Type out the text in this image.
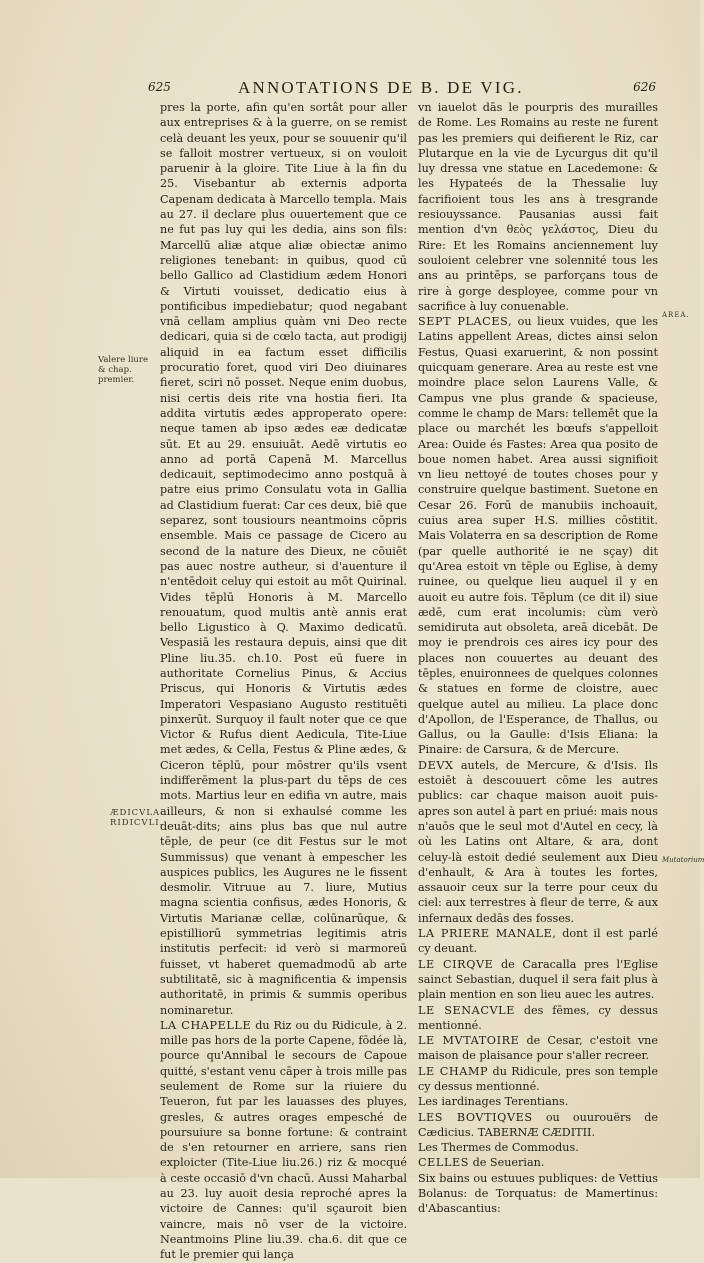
625	ANNOTATIONS DE B. DE VIG.	626
Valere liure & chap. premier.
ÆDICVLA RIDICVLI.
AREA.
Mutatorium

pres la porte, afin qu'en sortât pour aller aux entreprises & à la guerre, on se remist celà deuant les yeux, pour se souuenir qu'il se falloit mostrer vertueux, si on vouloit paruenir à la gloire. Tite Liue à la fin du 25. Visebantur ab externis adporta Capenam dedicata à Marcello templa. Mais au 27. il declare plus ouuertement que ce ne fut pas luy qui les dedia, ains son fils: Marcellū aliæ atque aliæ obiectæ animo religiones tenebant: in quibus, quod cū bello Gallico ad Clastidium ædem Honori & Virtuti vouisset, dedicatio eius à pontificibus impediebatur; quod negabant vnā cellam amplius quàm vni Deo recte dedicari, quia si de cœlo tacta, aut prodigij aliquid in ea factum esset difficilis procuratio foret, quod viri Deo diuinares fieret, sciri nō posset. Neque enim duobus, nisi certis deis rite vna hostia fieri. Ita addita virtutis ædes approperato opere: neque tamen ab ipso ædes eæ dedicatæ sūt. Et au 29. ensuiuāt. Aedē virtutis eo anno ad portā Capenā M. Marcellus dedicauit, septimodecimo anno postquā à patre eius primo Consulatu vota in Gallia ad Clastidium fuerat: Car ces deux, biē que separez, sont tousiours neantmoins cōpris ensemble. Mais ce passage de Cicero au second de la nature des Dieux, ne cōuiēt pas auec nostre autheur, si d'auenture il n'entēdoit celuy qui estoit au mōt Quirinal. Vides tēplū Honoris à M. Marcello renouatum, quod multis antè annis erat bello Ligustico à Q. Maximo dedicatū. Vespasiā les restaura depuis, ainsi que dit Pline liu.35. ch.10. Post eū fuere in authoritate Cornelius Pinus, & Accius Priscus, qui Honoris & Virtutis ædes Imperatori Vespasiano Augusto restituēti pinxerūt. Surquoy il fault noter que ce que Victor & Rufus dient Aedicula, Tite-Liue met ædes, & Cella, Festus & Pline ædes, & Ciceron tēplū, pour mōstrer qu'ils vsent indifferēment la plus-part du tēps de ces mots. Martius leur en edifia vn autre, mais ailleurs, & non si exhaulsé comme les deuāt-dits; ains plus bas que nul autre tēple, de peur (ce dit Festus sur le mot Summissus) que venant à empescher les auspices publics, les Augures ne le fissent desmolir. Vitruue au 7. liure, Mutius magna scientia confisus, ædes Honoris, & Virtutis Marianæ cellæ, colūnarūque, & epistilliorū symmetrias legitimis atris institutis perfecit: id verò si marmoreū fuisset, vt haberet quemadmodū ab arte subtilitatē, sic à magnificentia & impensis authoritatē, in primis & summis operibus nominaretur.

LA CHAPELLE du Riz ou du Ridicule, à 2. mille pas hors de la porte Capene, fōdée là, pource qu'Annibal le secours de Capoue quitté, s'estant venu cāper à trois mille pas seulement de Rome sur la riuiere du Teueron, fut par les lauasses des pluyes, gresles, & autres orages empesché de poursuiure sa bonne fortune: & contraint de s'en retourner en arriere, sans rien exploicter (Tite-Liue liu.26.) riz & mocqué à ceste occasiō d'vn chacū. Aussi Maharbal au 23. luy auoit desia reproché apres la victoire de Cannes: qu'il sçauroit bien vaincre, mais nō vser de la victoire. Neantmoins Pline liu.39. cha.6. dit que ce fut le premier qui lança

vn iauelot dās le pourpris des murailles de Rome. Les Romains au reste ne furent pas les premiers qui deifierent le Riz, car Plutarque en la vie de Lycurgus dit qu'il luy dressa vne statue en Lacedemone: & les Hypateés de la Thessalie luy facrifioient tous les ans à tresgrande resiouyssance. Pausanias aussi fait mention d'vn θεὸς γελάστος, Dieu du Rire: Et les Romains anciennement luy souloient celebrer vne solennité tous les ans au printēps, se parforçans tous de rire à gorge desployee, comme pour vn sacrifice à luy conuenable.

SEPT PLACES, ou lieux vuides, que les Latins appellent Areas, dictes ainsi selon Festus, Quasi exaruerint, & non possint quicquam generare. Area au reste est vne moindre place selon Laurens Valle, & Campus vne plus grande & spacieuse, comme le champ de Mars: tellemēt que la place ou marchét les bœufs s'appelloit Area: Ouide és Fastes: Area qua posito de boue nomen habet. Area aussi signifioit vn lieu nettoyé de toutes choses pour y construire quelque bastiment. Suetone en Cesar 26. Forū de manubiis inchoauit, cuius area super H.S. millies cōstitit. Mais Volaterra en sa description de Rome (par quelle authorité ie ne sçay) dit qu'Area estoit vn tēple ou Eglise, à demy ruinee, ou quelque lieu auquel il y en auoit eu autre fois. Tēplum (ce dit il) siue ædē, cum erat incolumis: cùm verò semidiruta aut obsoleta, areā dicebāt. De moy ie prendrois ces aires icy pour des places non couuertes au deuant des tēples, enuironnees de quelques colonnes & statues en forme de cloistre, auec quelque autel au milieu. La place donc d'Apollon, de l'Esperance, de Thallus, ou Gallus, ou la Gaulle: d'Isis Eliana: la Pinaire: de Carsura, & de Mercure.

DEVX autels, de Mercure, & d'Isis. Ils estoiēt à descouuert cōme les autres publics: car chaque maison auoit puis-apres son autel à part en priué: mais nous n'auōs que le seul mot d'Autel en cecy, là où les Latins ont Altare, & ara, dont celuy-là estoit dedié seulement aux Dieu d'enhault, & Ara à toutes les fortes, assauoir ceux sur la terre pour ceux du ciel: aux terrestres à fleur de terre, & aux infernaux dedās des fosses.

LA PRIERE MANALE, dont il est parlé cy deuant.

LE CIRQVE de Caracalla pres l'Eglise sainct Sebastian, duquel il sera fait plus à plain mention en son lieu auec les autres.

LE SENACVLE des fēmes, cy dessus mentionné.

LE MVTATOIRE de Cesar, c'estoit vne maison de plaisance pour s'aller recreer.

LE CHAMP du Ridicule, pres son temple cy dessus mentionné.

Les iardinages Terentians.

LES BOVTIQVES ou ouurouërs de Cædicius. TABERNÆ CÆDITII.

Les Thermes de Commodus.

CELLES de Seuerian.

Six bains ou estuues publiques: de Vettius Bolanus: de Torquatus: de Mamertinus: d'Abascantius:
